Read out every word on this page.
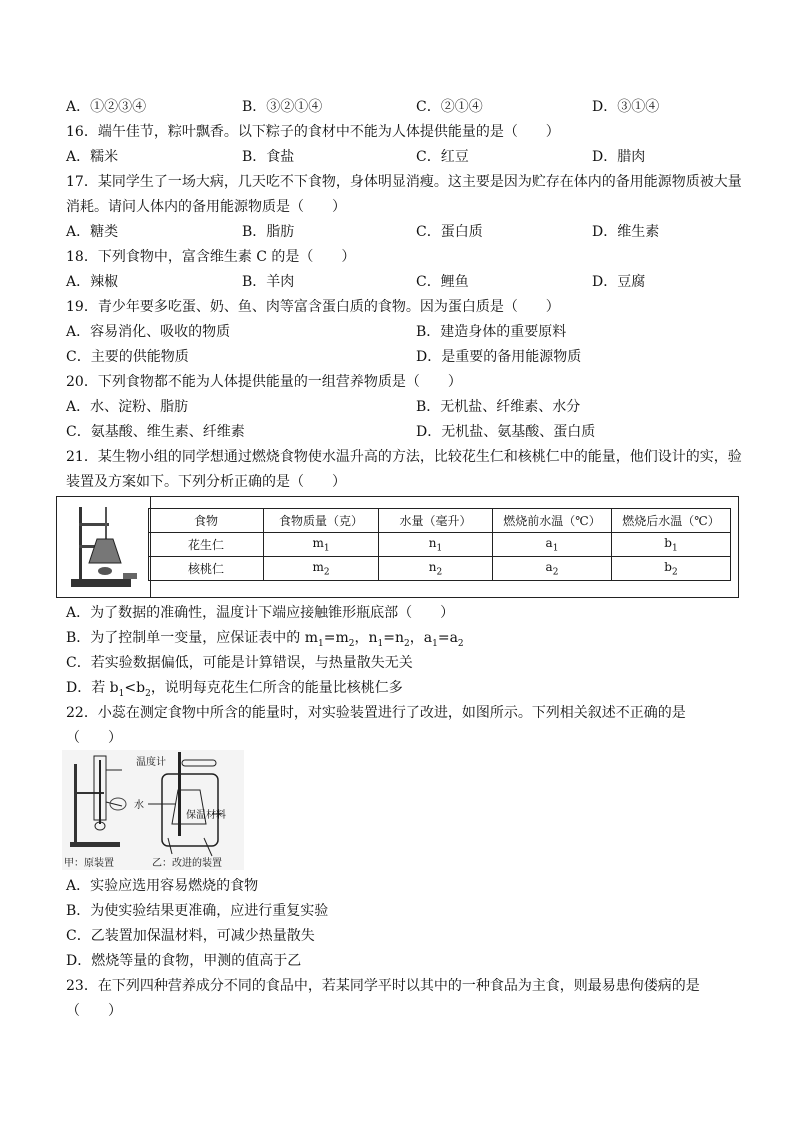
A．①②③④	B．③②①④	C．②①④	D．③①④
16．端午佳节，粽叶飘香。以下粽子的食材中不能为人体提供能量的是（　　）
A．糯米	B．食盐	C．红豆	D．腊肉
17．某同学生了一场大病，几天吃不下食物，身体明显消瘦。这主要是因为贮存在体内的备用能源物质被大量
消耗。请问人体内的备用能源物质是（　　）
A．糖类	B．脂肪	C．蛋白质	D．维生素
18．下列食物中，富含维生素 C 的是（　　）
A．辣椒	B．羊肉	C．鲤鱼	D．豆腐
19．青少年要多吃蛋、奶、鱼、肉等富含蛋白质的食物。因为蛋白质是（　　）
A．容易消化、吸收的物质	B．建造身体的重要原料
C．主要的供能物质	D．是重要的备用能源物质
20．下列食物都不能为人体提供能量的一组营养物质是（　　）
A．水、淀粉、脂肪	B．无机盐、纤维素、水分
C．氨基酸、维生素、纤维素	D．无机盐、氨基酸、蛋白质
21．某生物小组的同学想通过燃烧食物使水温升高的方法，比较花生仁和核桃仁中的能量，他们设计的实，验
装置及方案如下。下列分析正确的是（　　）
食物	食物质量（克）	水量（毫升）	燃烧前水温（℃）	燃烧后水温（℃）
花生仁	$m_1$	$n_1$	$a_1$	$b_1$
核桃仁	$m_2$	$n_2$	$a_2$	$b_2$
A．为了数据的准确性，温度计下端应接触锥形瓶底部（　　）
B．为了控制单一变量，应保证表中的 $m_1=m_2$，$n_1=n_2$，$a_1=a_2$
C．若实验数据偏低，可能是计算错误，与热量散失无关
D．若 $b_1<b_2$，说明每克花生仁所含的能量比核桃仁多
22．小蕊在测定食物中所含的能量时，对实验装置进行了改进，如图所示。下列相关叙述不正确的是
（　　）
温度计
水
保温材料
甲：原装置	乙：改进的装置
A．实验应选用容易燃烧的食物
B．为使实验结果更准确，应进行重复实验
C．乙装置加保温材料，可减少热量散失
D．燃烧等量的食物，甲测的值高于乙
23．在下列四种营养成分不同的食品中，若某同学平时以其中的一种食品为主食，则最易患佝偻病的是
（　　）
